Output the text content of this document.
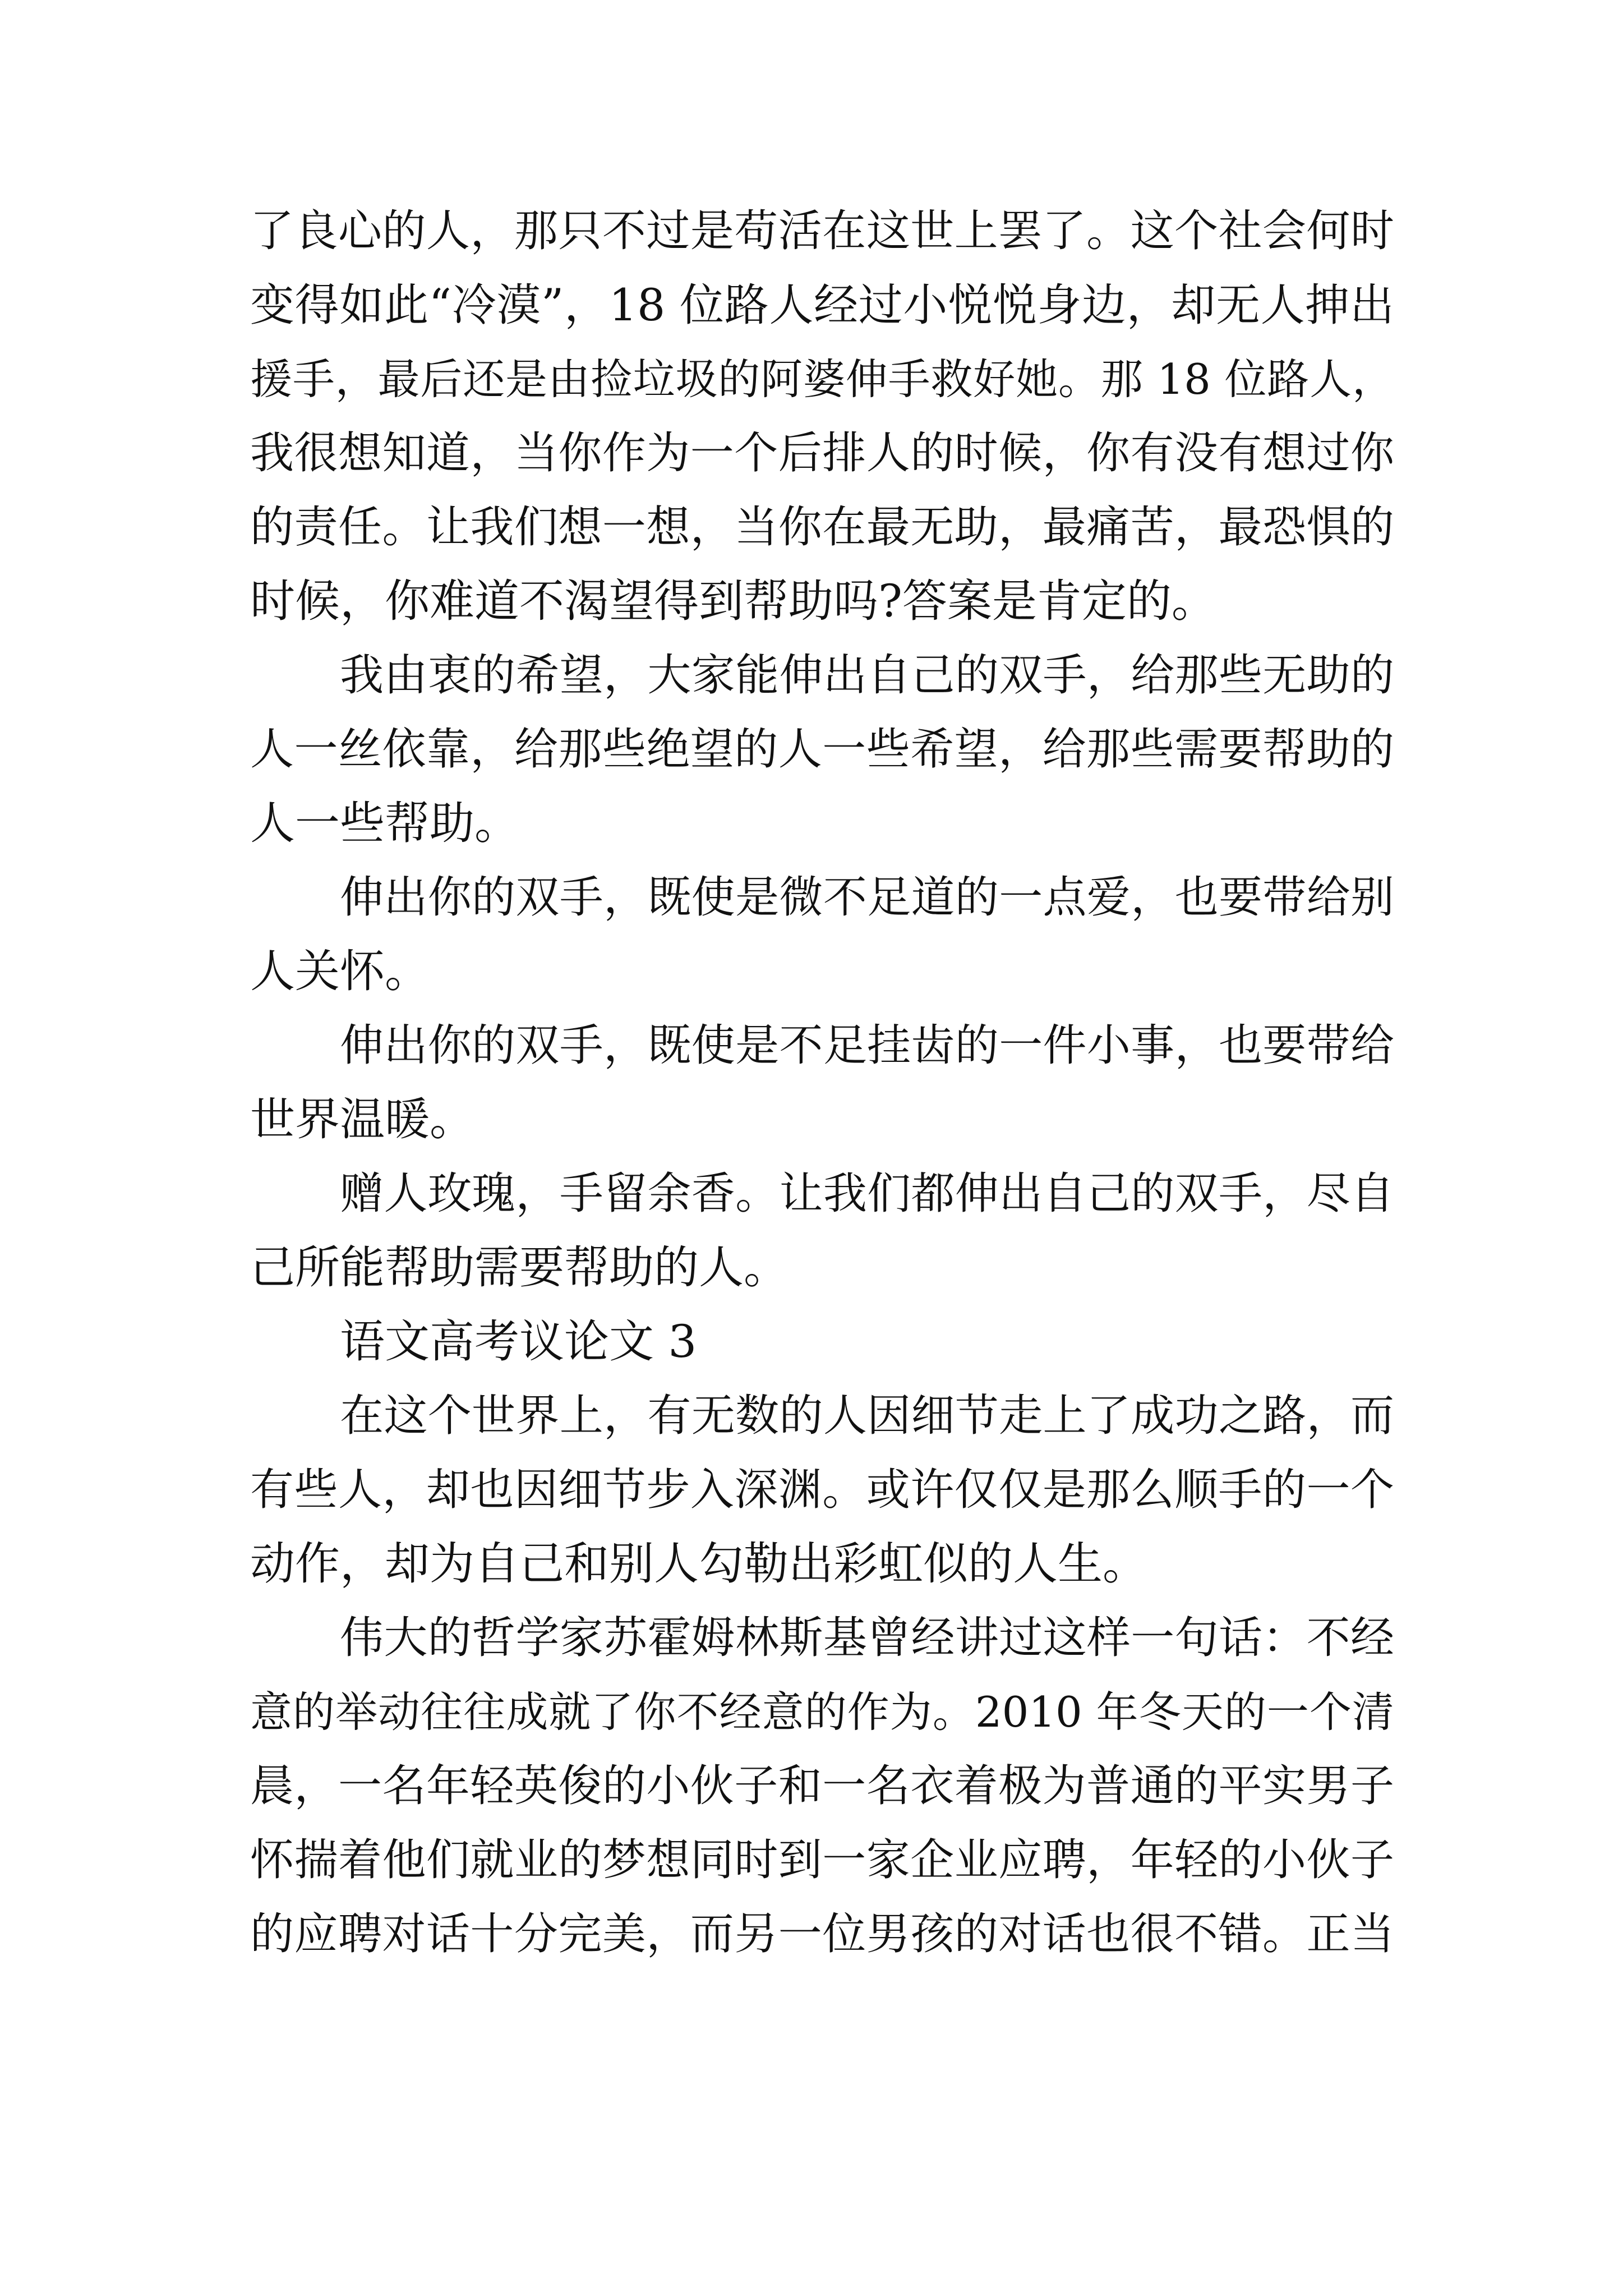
了良心的人，那只不过是苟活在这世上罢了。这个社会何时
变得如此“冷漠”，18 位路人经过小悦悦身边，却无人抻出
援手，最后还是由捡垃圾的阿婆伸手救好她。那 18 位路人，
我很想知道，当你作为一个后排人的时候，你有没有想过你
的责任。让我们想一想，当你在最无助，最痛苦，最恐惧的
时候，你难道不渴望得到帮助吗?答案是肯定的。
我由衷的希望，大家能伸出自己的双手，给那些无助的
人一丝依靠，给那些绝望的人一些希望，给那些需要帮助的
人一些帮助。
伸出你的双手，既使是微不足道的一点爱，也要带给别
人关怀。
伸出你的双手，既使是不足挂齿的一件小事，也要带给
世界温暖。
赠人玫瑰，手留余香。让我们都伸出自己的双手，尽自
己所能帮助需要帮助的人。
语文高考议论文 3
在这个世界上，有无数的人因细节走上了成功之路，而
有些人，却也因细节步入深渊。或许仅仅是那么顺手的一个
动作，却为自己和别人勾勒出彩虹似的人生。
伟大的哲学家苏霍姆林斯基曾经讲过这样一句话：不经
意的举动往往成就了你不经意的作为。2010 年冬天的一个清
晨，一名年轻英俊的小伙子和一名衣着极为普通的平实男子
怀揣着他们就业的梦想同时到一家企业应聘，年轻的小伙子
的应聘对话十分完美，而另一位男孩的对话也很不错。正当
